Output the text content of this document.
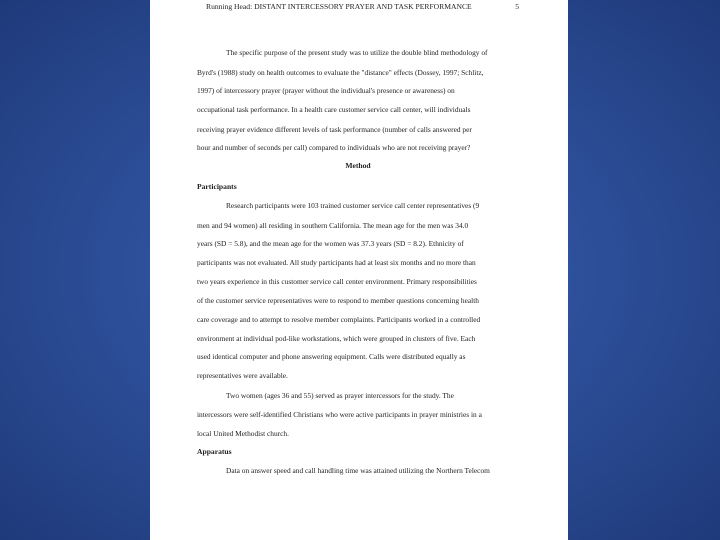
Running Head: DISTANT INTERCESSORY PRAYER AND TASK PERFORMANCE	5
The specific purpose of the present study was to utilize the double blind methodology of
Byrd's (1988) study on health outcomes to evaluate the "distance" effects (Dossey, 1997; Schlitz,
1997) of intercessory prayer (prayer without the individual's presence or awareness) on
occupational task performance. In a health care customer service call center, will individuals
receiving prayer evidence different levels of task performance (number of calls answered per
hour and number of seconds per call) compared to individuals who are not receiving prayer?
Method
Participants
Research participants were 103 trained customer service call center representatives (9
men and 94 women) all residing in southern California. The mean age for the men was 34.0
years (SD = 5.8), and the mean age for the women was 37.3 years (SD = 8.2). Ethnicity of
participants was not evaluated. All study participants had at least six months and no more than
two years experience in this customer service call center environment. Primary responsibilities
of the customer service representatives were to respond to member questions concerning health
care coverage and to attempt to resolve member complaints. Participants worked in a controlled
environment at individual pod-like workstations, which were grouped in clusters of five. Each
used identical computer and phone answering equipment. Calls were distributed equally as
representatives were available.
Two women (ages 36 and 55) served as prayer intercessors for the study. The
intercessors were self-identified Christians who were active participants in prayer ministries in a
local United Methodist church.
Apparatus
Data on answer speed and call handling time was attained utilizing the Northern Telecom
